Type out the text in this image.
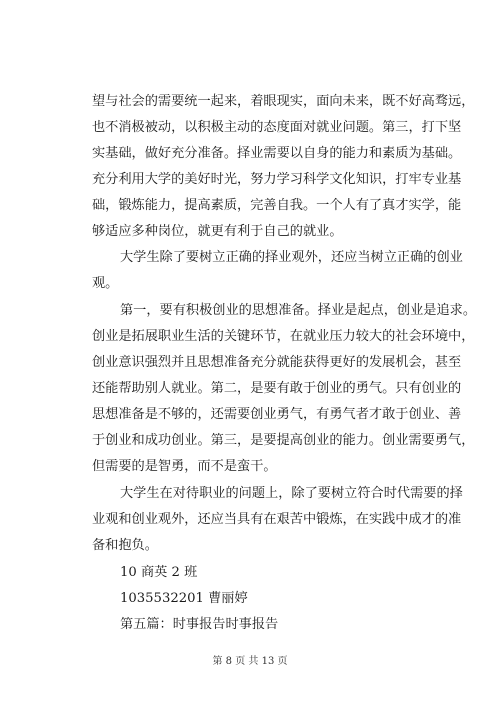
望与社会的需要统一起来，着眼现实，面向未来，既不好高骛远，
也不消极被动，以积极主动的态度面对就业问题。第三，打下坚
实基础，做好充分准备。择业需要以自身的能力和素质为基础。
充分利用大学的美好时光，努力学习科学文化知识，打牢专业基
础，锻炼能力，提高素质，完善自我。一个人有了真才实学，能
够适应多种岗位，就更有利于自己的就业。
大学生除了要树立正确的择业观外，还应当树立正确的创业
观。
第一，要有积极创业的思想准备。择业是起点，创业是追求。
创业是拓展职业生活的关键环节，在就业压力较大的社会环境中，
创业意识强烈并且思想准备充分就能获得更好的发展机会，甚至
还能帮助别人就业。第二，是要有敢于创业的勇气。只有创业的
思想准备是不够的，还需要创业勇气，有勇气者才敢于创业、善
于创业和成功创业。第三，是要提高创业的能力。创业需要勇气，
但需要的是智勇，而不是蛮干。
大学生在对待职业的问题上，除了要树立符合时代需要的择
业观和创业观外，还应当具有在艰苦中锻炼，在实践中成才的准
备和抱负。
10 商英 2 班
1035532201 曹丽婷
第五篇：时事报告时事报告
第 8 页 共 13 页
